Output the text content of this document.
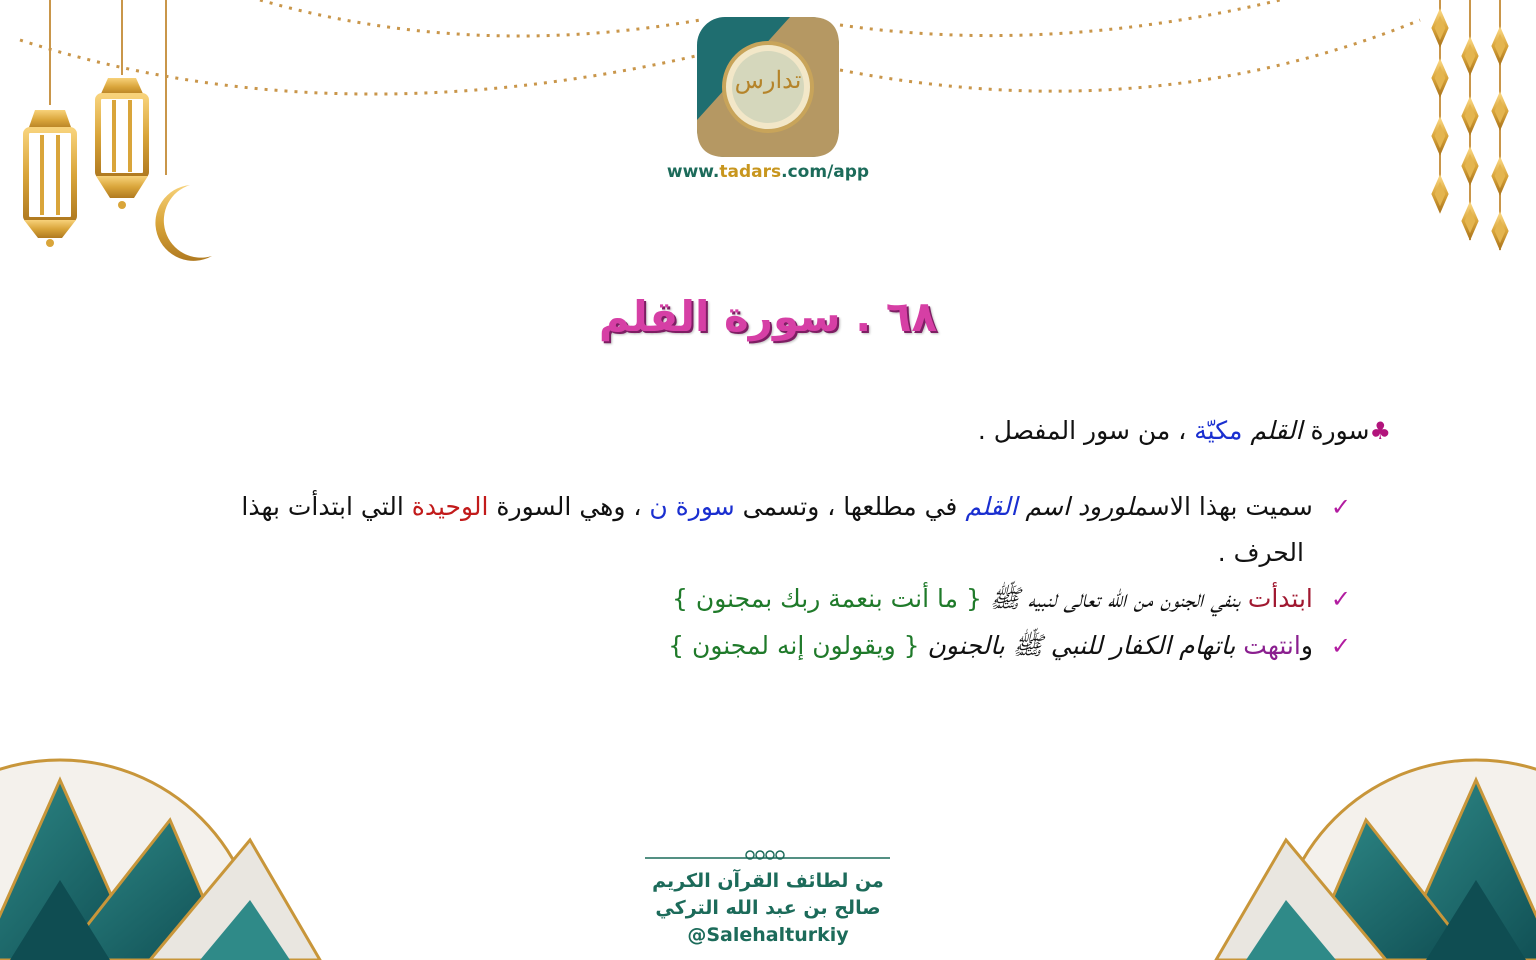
تدارس
www.tadars.com/app
٦٨ . سورة القلم
♣سورة القلم مكيّة ، من سور المفصل .
✓سميت بهذا الاسملورود اسم القلم في مطلعها ، وتسمى سورة ن ، وهي السورة الوحيدة التي ابتدأت بهذا
الحرف .
✓ابتدأت بنفي الجنون من الله تعالى لنبيه ﷺ { ما أنت بنعمة ربك بمجنون }
✓وانتهت باتهام الكفار للنبي ﷺ بالجنون { ويقولون إنه لمجنون }
من لطائف القرآن الكريم
صالح بن عبد الله التركي
@Salehalturkiy
